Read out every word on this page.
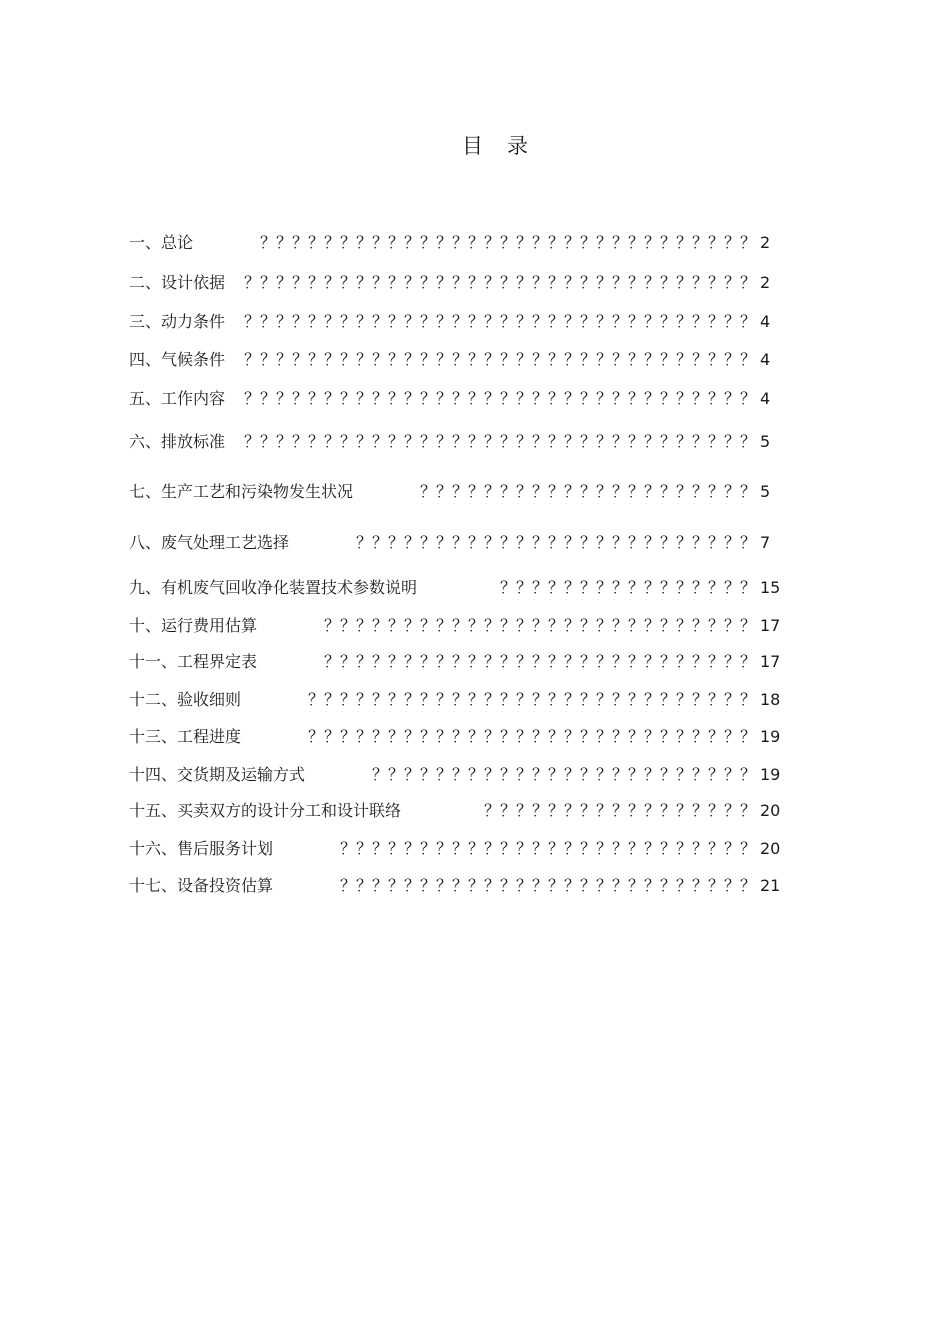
目 录
一、总论	？？？？？？？？？？？？？？？？？？？？？？？？？？？？？？？ 2
二、设计依据 ？？？？？？？？？？？？？？？？？？？？？？？？？？？？？？？？ 2
三、动力条件 ？？？？？？？？？？？？？？？？？？？？？？？？？？？？？？？？ 4
四、气候条件 ？？？？？？？？？？？？？？？？？？？？？？？？？？？？？？？？ 4
五、工作内容 ？？？？？？？？？？？？？？？？？？？？？？？？？？？？？？？？ 4
六、排放标准 ？？？？？？？？？？？？？？？？？？？？？？？？？？？？？？？？ 5
七、生产工艺和污染物发生状况	？？？？？？？？？？？？？？？？？？？？？ 5
八、废气处理工艺选择	？？？？？？？？？？？？？？？？？？？？？？？？？ 7
九、有机废气回收净化装置技术参数说明	？？？？？？？？？？？？？？？？ 15
十、运行费用估算	？？？？？？？？？？？？？？？？？？？？？？？？？？？ 17
十一、工程界定表	？？？？？？？？？？？？？？？？？？？？？？？？？？？ 17
十二、验收细则	？？？？？？？？？？？？？？？？？？？？？？？？？？？？ 18
十三、工程进度	？？？？？？？？？？？？？？？？？？？？？？？？？？？？ 19
十四、交货期及运输方式	？？？？？？？？？？？？？？？？？？？？？？？？ 19
十五、买卖双方的设计分工和设计联络	？？？？？？？？？？？？？？？？？ 20
十六、售后服务计划	？？？？？？？？？？？？？？？？？？？？？？？？？？ 20
十七、设备投资估算	？？？？？？？？？？？？？？？？？？？？？？？？？？ 21
